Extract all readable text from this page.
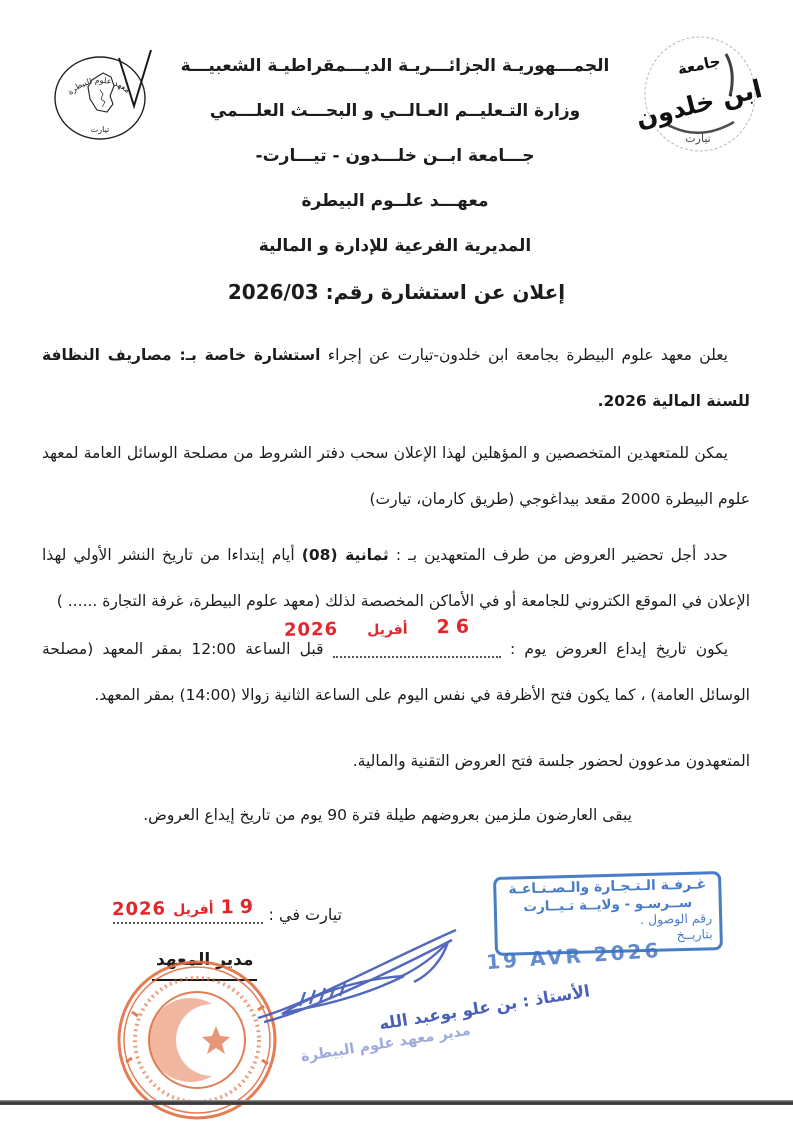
معهد علوم البيطرة
تيارت
جامعة
ابن خلدون
تيارت
الجمـــهوريـة الجزائـــريـة الديـــمقراطيـة الشعبيـــة
وزارة التـعليــم العـالــي و البحـــث العلـــمي
جـــامعة ابــن خلـــدون - تيـــارت-
معهـــد علــوم البيطرة
المديرية الفرعية للإدارة و المالية
إعلان عن استشارة رقم: 2026/03

يعلن معهد علوم البيطرة بجامعة ابن خلدون-تيارت عن إجراء استشارة خاصة بـ: مصاريف النظافة للسنة المالية 2026.

يمكن للمتعهدين المتخصصين و المؤهلين لهذا الإعلان سحب دفتر الشروط من مصلحة الوسائل العامة لمعهد علوم البيطرة 2000 مقعد بيداغوجي (طريق كارمان، تيارت)

حدد أجل تحضير العروض من طرف المتعهدين بـ : ثمانية (08) أيام إبتداءا من تاريخ النشر الأولي لهذا الإعلان في الموقع الكتروني للجامعة أو في الأماكن المخصصة لذلك (معهد علوم البيطرة، غرفة التجارة ...... )

يكون تاريخ إيداع العروض يوم :
26
أفريل
2026
قبل الساعة 12:00 بمقر المعهد (مصلحة الوسائل العامة) ، كما يكون فتح الأظرفة في نفس اليوم على الساعة الثانية زوالا (14:00) بمقر المعهد.

المتعهدون مدعوون لحضور جلسة فتح العروض التقنية والمالية.

يبقى العارضون ملزمين بعروضهم طيلة فترة 90 يوم من تاريخ إيداع العروض.

غـرفـة الـتـجـارة والـصـنـاعـة
ســرسـو - ولايــة تـيــارت
رقم الوصول .
بتاريــخ
19 AVR 2026
تيارت في :
19
أفريل
2026
مدير المعهد
الأستاذ : بن علو بوعبد الله
مدير معهد علوم البيطرة
